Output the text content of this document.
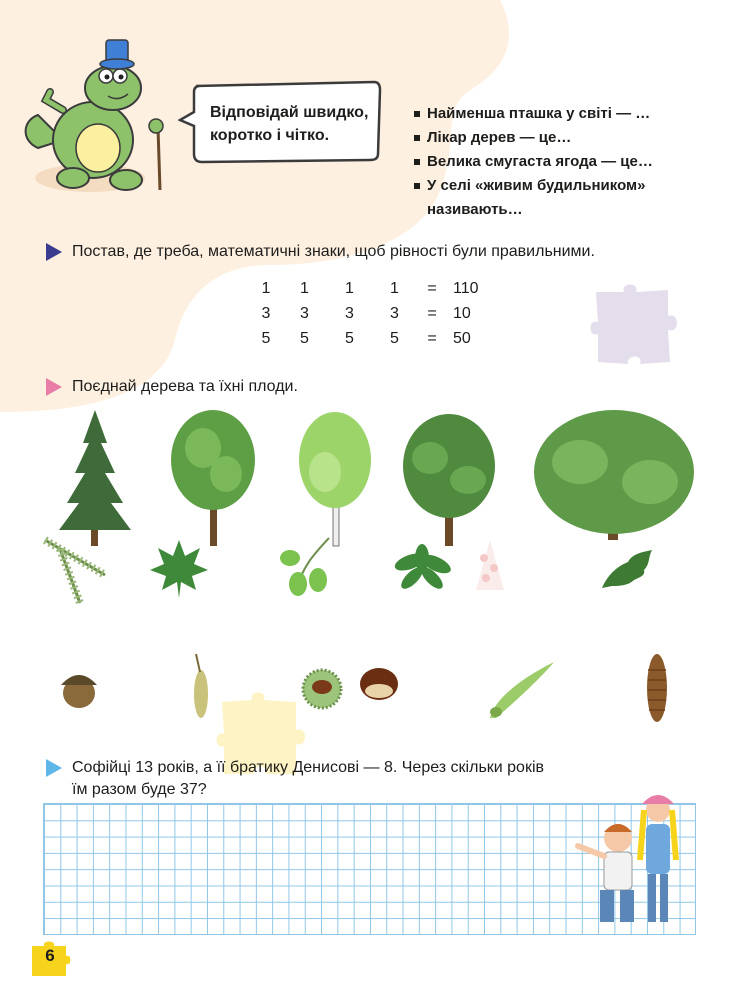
Відповідай швидко,
коротко і чітко.
Найменша пташка у світі — …
Лікар дерев — це…
Велика смугаста ягода — це…
У селі «живим будильником» називають…
Постав, де треба, математичні знаки, щоб рівності були правильними.
1	1	1	1	=	110
3	3	3	3	=	10
5	5	5	5	=	50
Поєднай дерева та їхні плоди.
Софійці 13 років, а її братику Денисові — 8. Через скільки років
їм разом буде 37?
6
